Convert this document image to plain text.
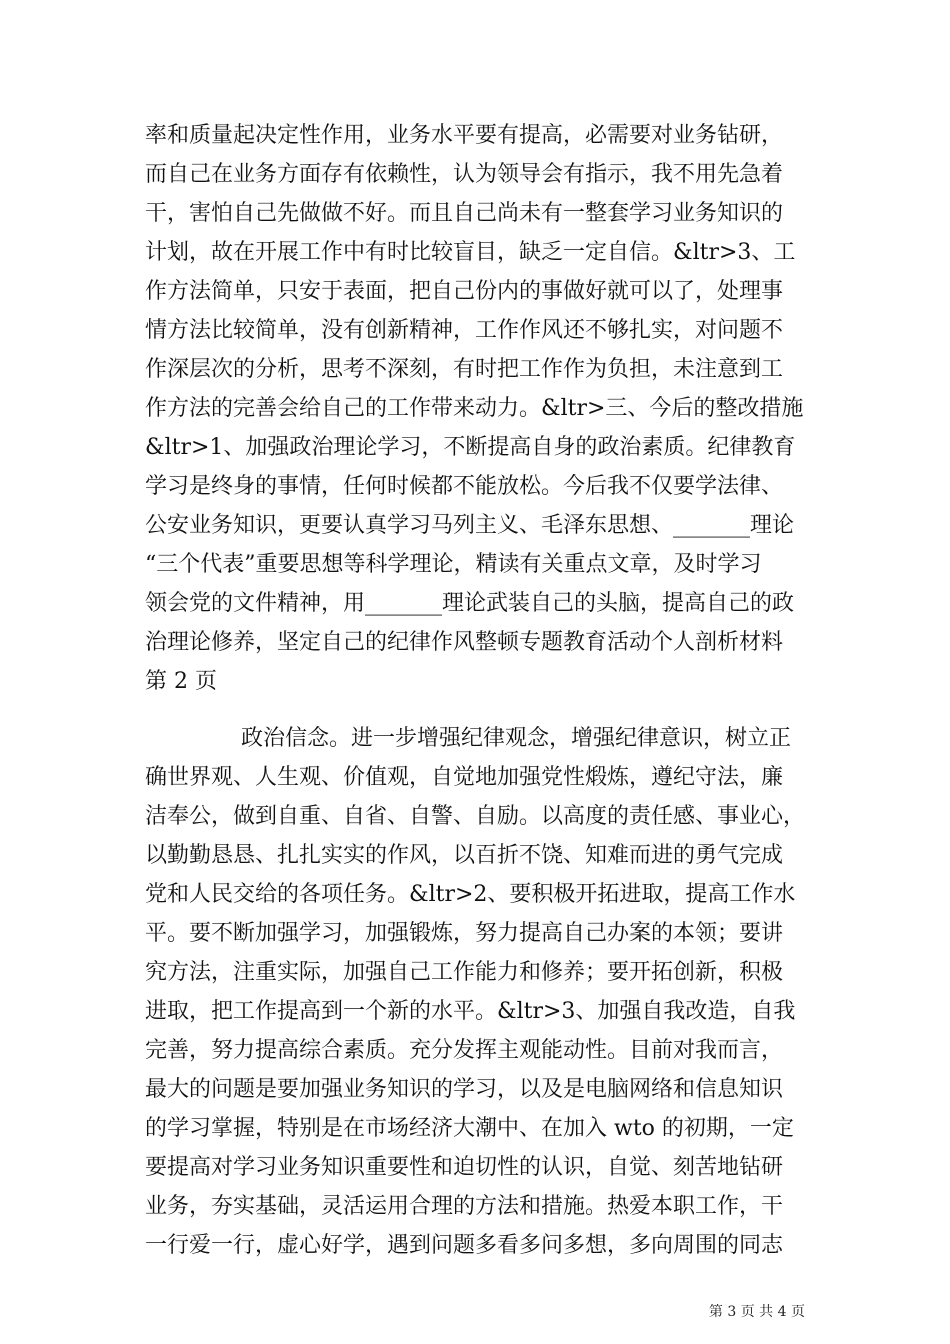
率和质量起决定性作用，业务水平要有提高，必需要对业务钻研，
而自己在业务方面存有依赖性，认为领导会有指示，我不用先急着
干，害怕自己先做做不好。而且自己尚未有一整套学习业务知识的
计划，故在开展工作中有时比较盲目，缺乏一定自信。&ltr>3、工
作方法简单，只安于表面，把自己份内的事做好就可以了，处理事
情方法比较简单，没有创新精神，工作作风还不够扎实，对问题不
作深层次的分析，思考不深刻，有时把工作作为负担，未注意到工
作方法的完善会给自己的工作带来动力。&ltr>三、今后的整改措施
&ltr>1、加强政治理论学习，不断提高自身的政治素质。纪律教育
学习是终身的事情，任何时候都不能放松。今后我不仅要学法律、
公安业务知识，更要认真学习马列主义、毛泽东思想、_______理论
“三个代表”重要思想等科学理论，精读有关重点文章，及时学习
领会党的文件精神，用_______理论武装自己的头脑，提高自己的政
治理论修养，坚定自己的纪律作风整顿专题教育活动个人剖析材料
第 2 页
政治信念。进一步增强纪律观念，增强纪律意识，树立正
确世界观、人生观、价值观，自觉地加强党性煅炼，遵纪守法，廉
洁奉公，做到自重、自省、自警、自励。以高度的责任感、事业心，
以勤勤恳恳、扎扎实实的作风，以百折不饶、知难而进的勇气完成
党和人民交给的各项任务。&ltr>2、要积极开拓进取，提高工作水
平。要不断加强学习，加强锻炼，努力提高自己办案的本领；要讲
究方法，注重实际，加强自己工作能力和修养；要开拓创新，积极
进取，把工作提高到一个新的水平。&ltr>3、加强自我改造，自我
完善，努力提高综合素质。充分发挥主观能动性。目前对我而言，
最大的问题是要加强业务知识的学习，以及是电脑网络和信息知识
的学习掌握，特别是在市场经济大潮中、在加入 wto 的初期，一定
要提高对学习业务知识重要性和迫切性的认识，自觉、刻苦地钻研
业务，夯实基础，灵活运用合理的方法和措施。热爱本职工作，干
一行爱一行，虚心好学，遇到问题多看多问多想，多向周围的同志
第 3 页 共 4 页
